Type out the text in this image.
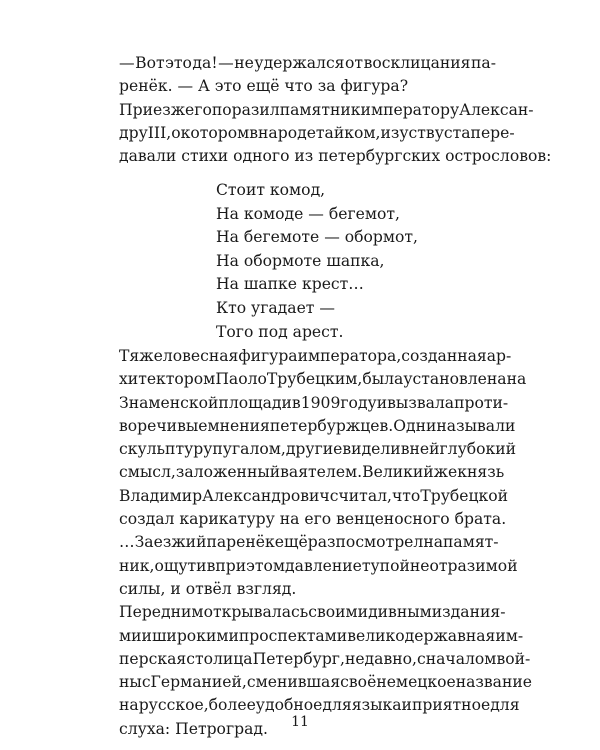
— Вот это да! — не удержался от восклицания па-
ренёк. — А это ещё что за фигура?
Приезжего поразил памятник императору Алексан-
дру III, о котором в народе тайком, из уст в уста пере-
давали стихи одного из петербургских острословов:
Стоит комод,
На комоде — бегемот,
На бегемоте — обормот,
На обормоте шапка,
На шапке крест…
Кто угадает —
Того под арест.
Тяжеловесная фигура императора, созданная ар-
хитектором Паоло Трубецким, была установлена на
Знаменской площади в 1909 году и вызвала проти-
воречивые мнения петербуржцев. Одни называли
скульптуру пугалом, другие видели в ней глубокий
смысл, заложенный ваятелем. Великий же князь
Владимир Александрович считал, что Трубецкой
создал карикатуру на его венценосного брата.
…Заезжий паренёк ещё раз посмотрел на памят-
ник, ощутив при этом давление тупой неотразимой
силы, и отвёл взгляд.
Перед ним открывалась своими дивными здания-
ми и широкими проспектами великодержавная им-
перская столица Петербург, недавно, с началом вой-
ны с Германией, сменившая своё немецкое название
на русское, более удобное для языка и приятное для
слуха: Петроград.	11
